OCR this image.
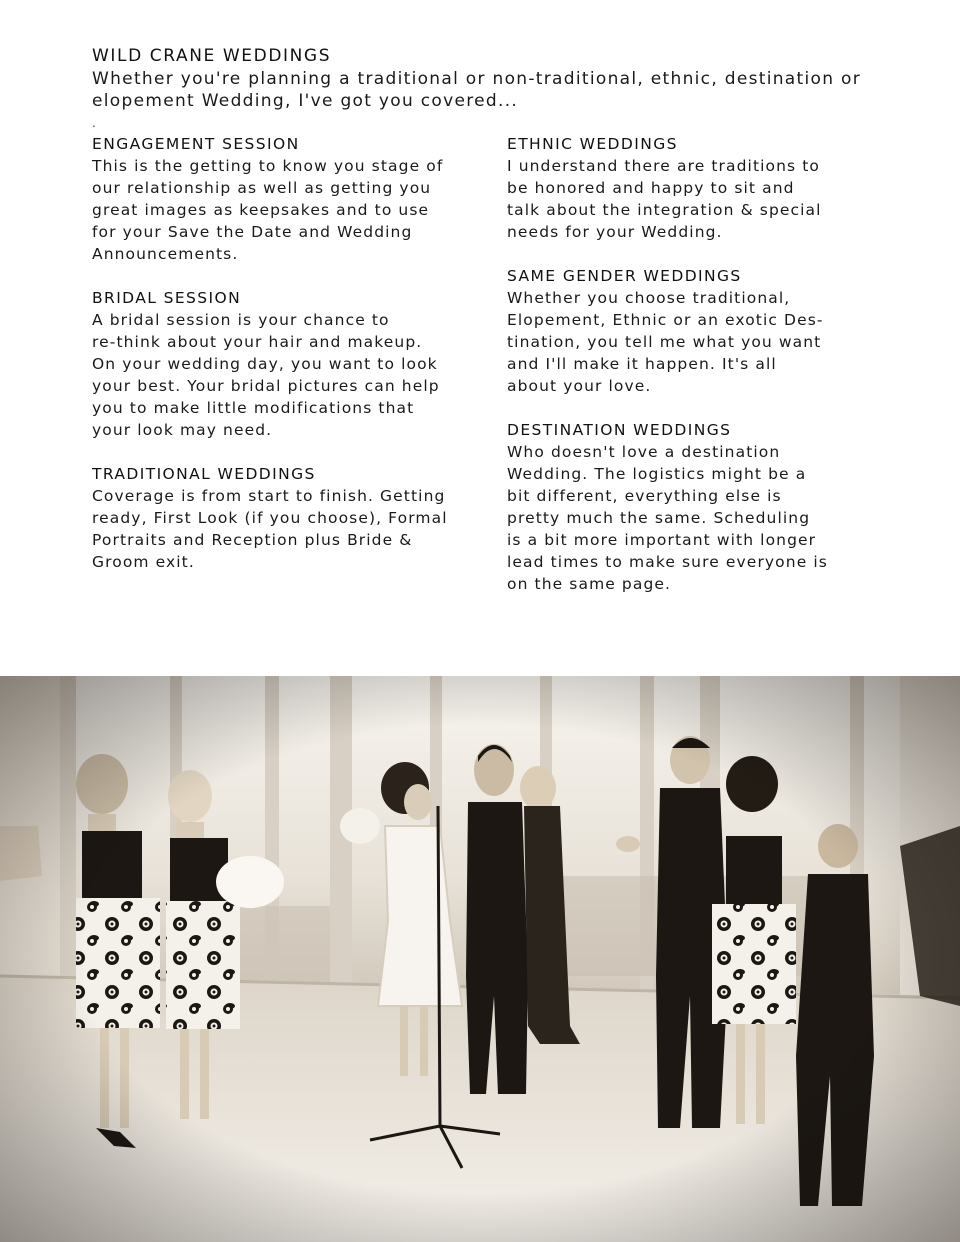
WILD CRANE WEDDINGS
Whether you're planning a traditional or non-traditional, ethnic, destination or elopement Wedding, I've got you covered...
.
ENGAGEMENT SESSION
This is the getting to know you stage of
our relationship as well as getting you
great images as keepsakes and to use
for your Save the Date and Wedding
Announcements.
BRIDAL SESSION
A bridal session is your chance to
re-think about your hair and makeup.
On your wedding day, you want to look
your best. Your bridal pictures can help
you to make little modifications that
your look may need.
TRADITIONAL WEDDINGS
Coverage is from start to finish. Getting
ready, First Look (if you choose), Formal
Portraits and Reception plus Bride &
Groom exit.
ETHNIC WEDDINGS
I understand there are traditions to
be honored and happy to sit and
talk about the integration & special
needs for your Wedding.
SAME GENDER WEDDINGS
Whether you choose traditional,
Elopement, Ethnic or an exotic Des-
tination, you tell me what you want
and I'll make it happen. It's all
about your love.
DESTINATION WEDDINGS
Who doesn't love a destination
Wedding. The logistics might be a
bit different, everything else is
pretty much the same. Scheduling
is a bit more important with longer
lead times to make sure everyone is
on the same page.
